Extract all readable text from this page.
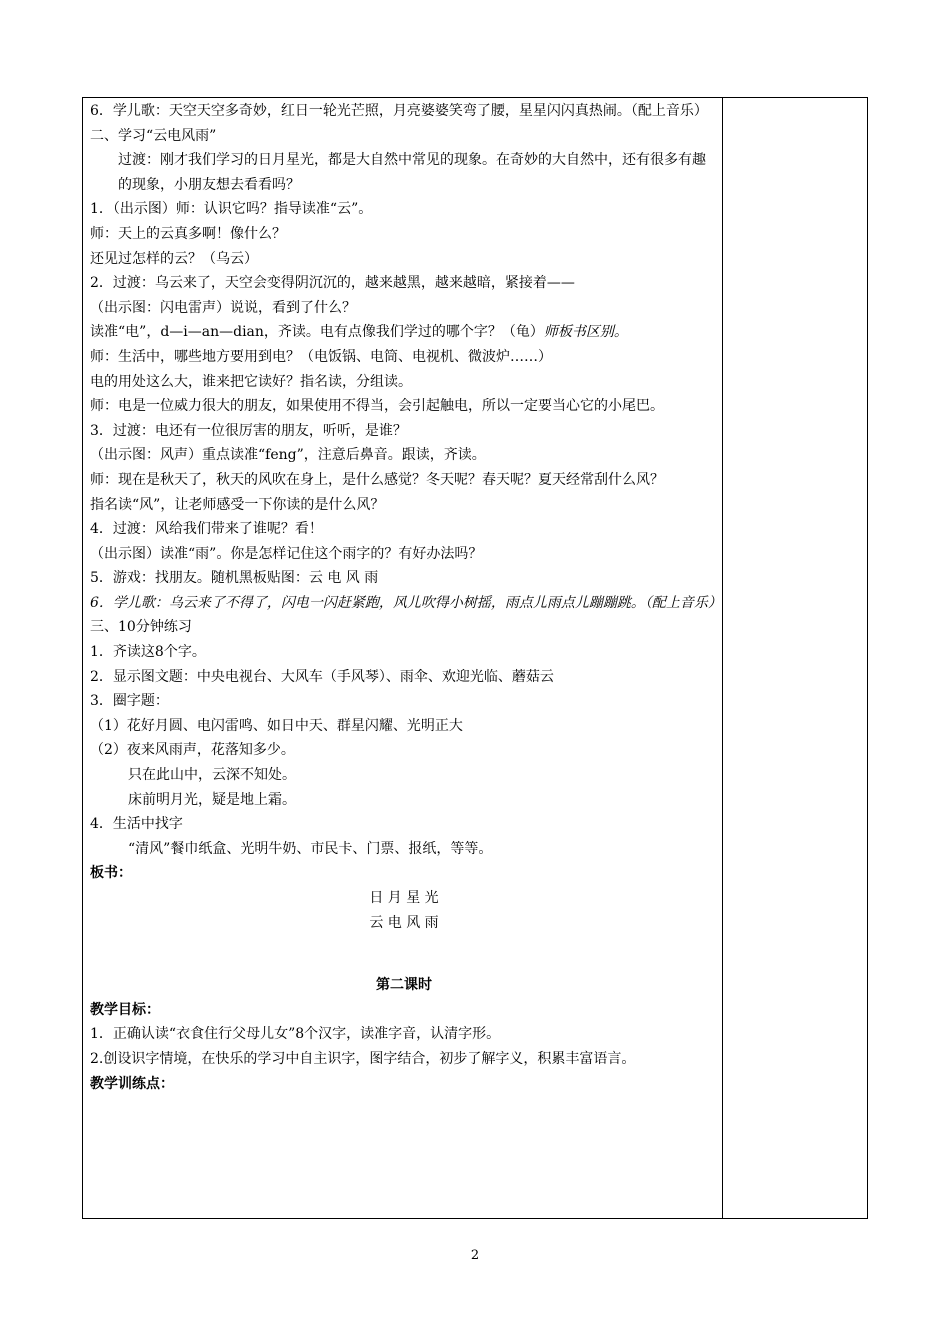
6．学儿歌：天空天空多奇妙，红日一轮光芒照，月亮婆婆笑弯了腰，星星闪闪真热闹。（配上音乐）

二、学习“云电风雨”

过渡：刚才我们学习的日月星光，都是大自然中常见的现象。在奇妙的大自然中，还有很多有趣的现象，小朋友想去看看吗？

1．（出示图）师：认识它吗？指导读准“云”。

师：天上的云真多啊！像什么？

还见过怎样的云？（乌云）

2．过渡：乌云来了，天空会变得阴沉沉的，越来越黑，越来越暗，紧接着——

（出示图：闪电雷声）说说，看到了什么？

读准“电”，d—i—an—dian，齐读。电有点像我们学过的哪个字？（龟）师板书区别。

师：生活中，哪些地方要用到电？（电饭锅、电筒、电视机、微波炉……）

电的用处这么大，谁来把它读好？指名读，分组读。

师：电是一位威力很大的朋友，如果使用不得当，会引起触电，所以一定要当心它的小尾巴。

3．过渡：电还有一位很厉害的朋友，听听，是谁？

（出示图：风声）重点读准“feng”，注意后鼻音。跟读，齐读。

师：现在是秋天了，秋天的风吹在身上，是什么感觉？冬天呢？春天呢？夏天经常刮什么风？

指名读“风”，让老师感受一下你读的是什么风？

4．过渡：风给我们带来了谁呢？看！

（出示图）读准“雨”。你是怎样记住这个雨字的？有好办法吗？

5．游戏：找朋友。随机黑板贴图：云 电 风 雨

6．学儿歌：乌云来了不得了，闪电一闪赶紧跑，风儿吹得小树摇，雨点儿雨点儿蹦蹦跳。（配上音乐）

三、10分钟练习

1．齐读这8个字。

2．显示图文题：中央电视台、大风车（手风琴）、雨伞、欢迎光临、蘑菇云

3．圈字题：

（1）花好月圆、电闪雷鸣、如日中天、群星闪耀、光明正大

（2）夜来风雨声，花落知多少。

只在此山中，云深不知处。

床前明月光，疑是地上霜。

4．生活中找字

“清风”餐巾纸盒、光明牛奶、市民卡、门票、报纸，等等。

板书：

日 月 星 光

云 电 风 雨

第二课时

教学目标：

1．正确认读“衣食住行父母儿女”8个汉字，读准字音，认清字形。

2.创设识字情境，在快乐的学习中自主识字，图字结合，初步了解字义，积累丰富语言。

教学训练点：

2
